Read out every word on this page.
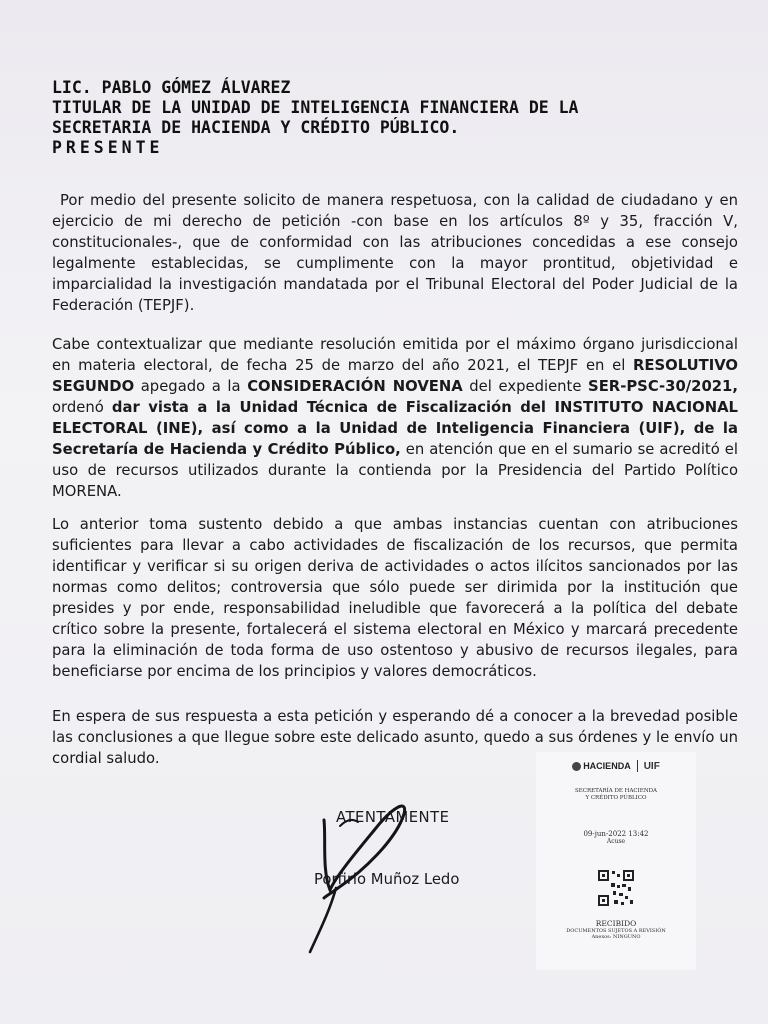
LIC. PABLO GÓMEZ ÁLVAREZ
TITULAR DE LA UNIDAD DE INTELIGENCIA FINANCIERA DE LA
SECRETARIA DE HACIENDA Y CRÉDITO PÚBLICO.
PRESENTE

Por medio del presente solicito de manera respetuosa, con la calidad de ciudadano y en ejercicio de mi derecho de petición -con base en los artículos 8º y 35, fracción V, constitucionales-, que de conformidad con las atribuciones concedidas a ese consejo legalmente establecidas, se cumplimente con la mayor prontitud, objetividad e imparcialidad la investigación mandatada por el Tribunal Electoral del Poder Judicial de la Federación (TEPJF).

Cabe contextualizar que mediante resolución emitida por el máximo órgano jurisdiccional en materia electoral, de fecha 25 de marzo del año 2021, el TEPJF en el RESOLUTIVO SEGUNDO apegado a la CONSIDERACIÓN NOVENA del expediente SER-PSC-30/2021, ordenó dar vista a la Unidad Técnica de Fiscalización del INSTITUTO NACIONAL ELECTORAL (INE), así como a la Unidad de Inteligencia Financiera (UIF), de la Secretaría de Hacienda y Crédito Público, en atención que en el sumario se acreditó el uso de recursos utilizados durante la contienda por la Presidencia del Partido Político MORENA.

Lo anterior toma sustento debido a que ambas instancias cuentan con atribuciones suficientes para llevar a cabo actividades de fiscalización de los recursos, que permita identificar y verificar si su origen deriva de actividades o actos ilícitos sancionados por las normas como delitos; controversia que sólo puede ser dirimida por la institución que presides y por ende, responsabilidad ineludible que favorecerá a la política del debate crítico sobre la presente, fortalecerá el sistema electoral en México y marcará precedente para la eliminación de toda forma de uso ostentoso y abusivo de recursos ilegales, para beneficiarse por encima de los principios y valores democráticos.

En espera de sus respuesta a esta petición y esperando dé a conocer a la brevedad posible las conclusiones a que llegue sobre este delicado asunto, quedo a sus órdenes y le envío un cordial saludo.

ATENTAMENTE
Porfirio Muñoz Ledo
HACIENDA UIF
SECRETARÍA DE HACIENDA
Y CRÉDITO PÚBLICO
09-jun-2022 13:42
Acuse
RECIBIDO
DOCUMENTOS SUJETOS A REVISIÓN
Anexos: NINGUNO
